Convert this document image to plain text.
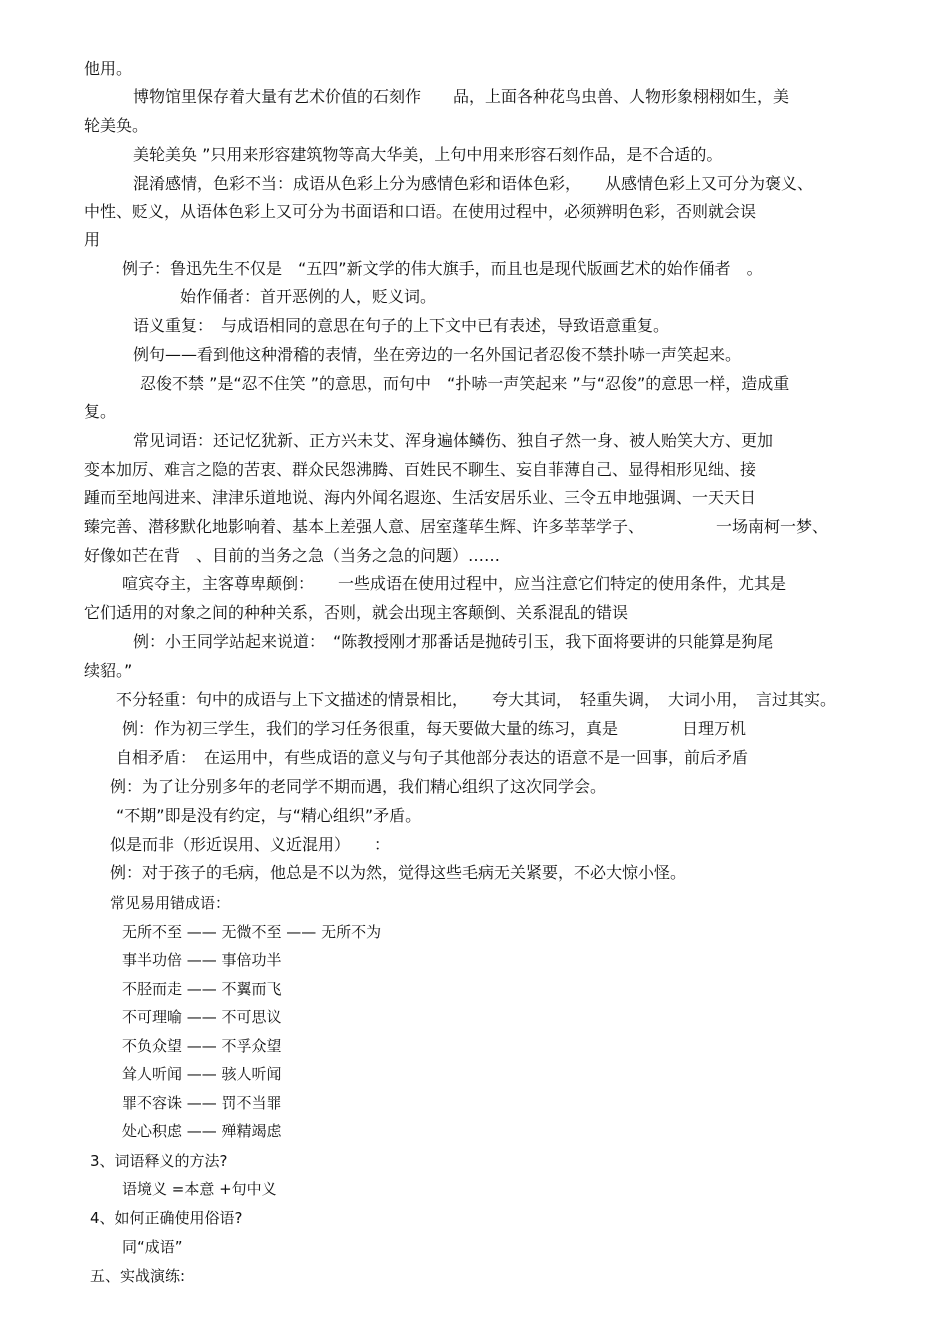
他用。
博物馆里保存着大量有艺术价值的石刻作　　品，上面各种花鸟虫兽、人物形象栩栩如生，美
轮美奂。
美轮美奂 ”只用来形容建筑物等高大华美，上句中用来形容石刻作品，是不合适的。
混淆感情，色彩不当：成语从色彩上分为感情色彩和语体色彩，　　从感情色彩上又可分为褒义、
中性、贬义，从语体色彩上又可分为书面语和口语。在使用过程中，必须辨明色彩，否则就会误
用
例子：鲁迅先生不仅是　“五四”新文学的伟大旗手，而且也是现代版画艺术的始作俑者　。
始作俑者：首开恶例的人，贬义词。
语义重复：　与成语相同的意思在句子的上下文中已有表述，导致语意重复。
例句——看到他这种滑稽的表情，坐在旁边的一名外国记者忍俊不禁扑哧一声笑起来。
忍俊不禁 ”是“忍不住笑 ”的意思，而句中　“扑哧一声笑起来 ”与“忍俊”的意思一样，造成重
复。
常见词语：还记忆犹新、正方兴未艾、浑身遍体鳞伤、独自孑然一身、被人贻笑大方、更加
变本加厉、难言之隐的苦衷、群众民怨沸腾、百姓民不聊生、妄自菲薄自己、显得相形见绌、接
踵而至地闯进来、津津乐道地说、海内外闻名遐迩、生活安居乐业、三令五申地强调、一天天日
臻完善、潜移默化地影响着、基本上差强人意、居室蓬荜生辉、许多莘莘学子、　　　　　一场南柯一梦、
好像如芒在背　、目前的当务之急（当务之急的问题）……
喧宾夺主，主客尊卑颠倒：　　一些成语在使用过程中，应当注意它们特定的使用条件，尤其是
它们适用的对象之间的种种关系，否则，就会出现主客颠倒、关系混乱的错误
例：小王同学站起来说道：　“陈教授刚才那番话是抛砖引玉，我下面将要讲的只能算是狗尾
续貂。”
不分轻重：句中的成语与上下文描述的情景相比，　　夸大其词，　轻重失调，　大词小用，　言过其实。
例：作为初三学生，我们的学习任务很重，每天要做大量的练习，真是　　　　日理万机
自相矛盾：　在运用中，有些成语的意义与句子其他部分表达的语意不是一回事，前后矛盾
例：为了让分别多年的老同学不期而遇，我们精心组织了这次同学会。
“不期”即是没有约定，与“精心组织”矛盾。
似是而非（形近误用、义近混用）　　：
例：对于孩子的毛病，他总是不以为然，觉得这些毛病无关紧要，不必大惊小怪。
常见易用错成语：
无所不至 —— 无微不至 —— 无所不为
事半功倍 —— 事倍功半
不胫而走 —— 不翼而飞
不可理喻 —— 不可思议
不负众望 —— 不孚众望
耸人听闻 —— 骇人听闻
罪不容诛 —— 罚不当罪
处心积虑 —— 殚精竭虑
3、词语释义的方法?
语境义 =本意 +句中义
4、如何正确使用俗语?
同“成语”
五、实战演练:
